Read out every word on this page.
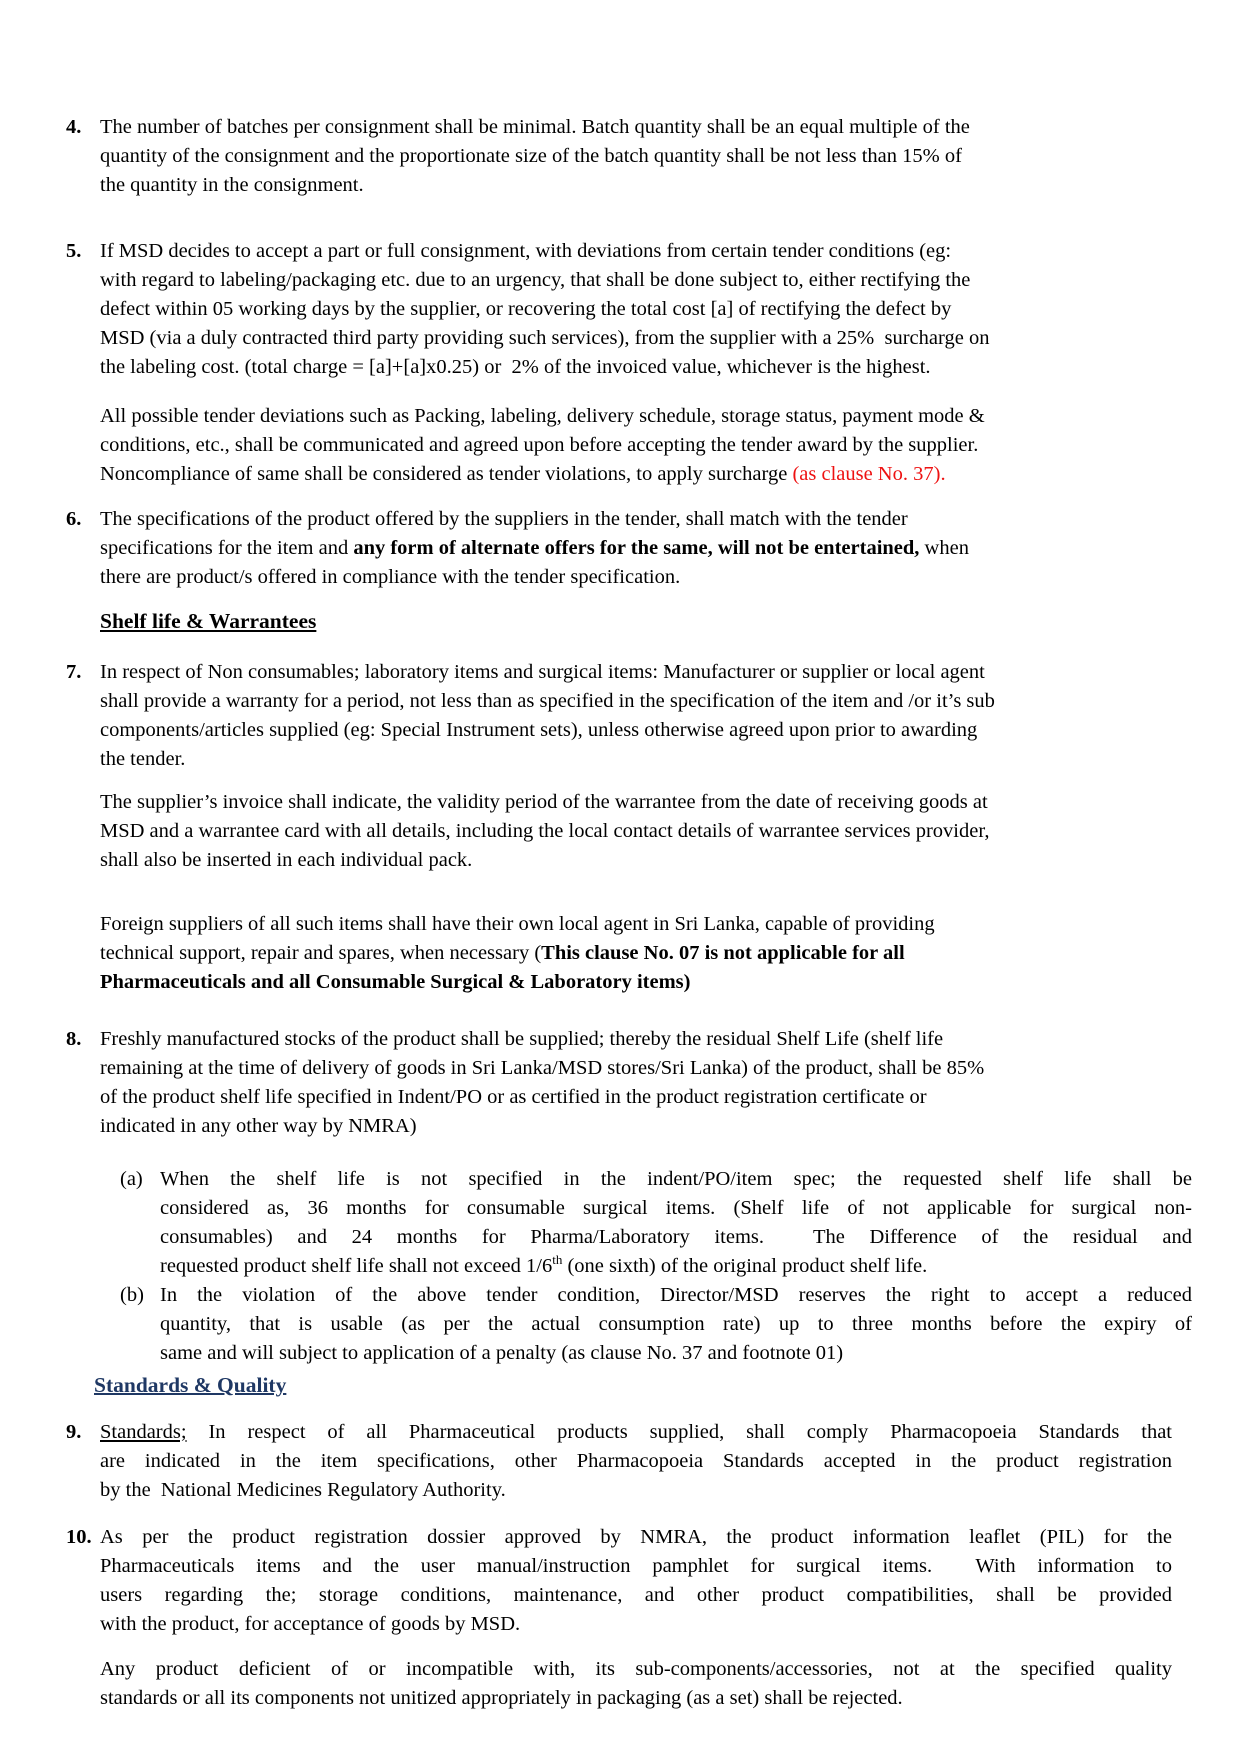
4. The number of batches per consignment shall be minimal. Batch quantity shall be an equal multiple of the
quantity of the consignment and the proportionate size of the batch quantity shall be not less than 15% of
the quantity in the consignment.
5. If MSD decides to accept a part or full consignment, with deviations from certain tender conditions (eg:
with regard to labeling/packaging etc. due to an urgency, that shall be done subject to, either rectifying the
defect within 05 working days by the supplier, or recovering the total cost [a] of rectifying the defect by
MSD (via a duly contracted third party providing such services), from the supplier with a 25%  surcharge on
the labeling cost. (total charge = [a]+[a]x0.25) or  2% of the invoiced value, whichever is the highest.
All possible tender deviations such as Packing, labeling, delivery schedule, storage status, payment mode &
conditions, etc., shall be communicated and agreed upon before accepting the tender award by the supplier.
Noncompliance of same shall be considered as tender violations, to apply surcharge (as clause No. 37).
6. The specifications of the product offered by the suppliers in the tender, shall match with the tender
specifications for the item and any form of alternate offers for the same, will not be entertained, when
there are product/s offered in compliance with the tender specification.
Shelf life & Warrantees
7. In respect of Non consumables; laboratory items and surgical items: Manufacturer or supplier or local agent
shall provide a warranty for a period, not less than as specified in the specification of the item and /or it’s sub
components/articles supplied (eg: Special Instrument sets), unless otherwise agreed upon prior to awarding
the tender.
The supplier’s invoice shall indicate, the validity period of the warrantee from the date of receiving goods at
MSD and a warrantee card with all details, including the local contact details of warrantee services provider,
shall also be inserted in each individual pack.
Foreign suppliers of all such items shall have their own local agent in Sri Lanka, capable of providing
technical support, repair and spares, when necessary (This clause No. 07 is not applicable for all
Pharmaceuticals and all Consumable Surgical & Laboratory items)
8. Freshly manufactured stocks of the product shall be supplied; thereby the residual Shelf Life (shelf life
remaining at the time of delivery of goods in Sri Lanka/MSD stores/Sri Lanka) of the product, shall be 85%
of the product shelf life specified in Indent/PO or as certified in the product registration certificate or
indicated in any other way by NMRA)
(a) When the shelf life is not specified in the indent/PO/item spec; the requested shelf life shall be
considered as, 36 months for consumable surgical items. (Shelf life of not applicable for surgical non-
consumables) and 24 months for Pharma/Laboratory items.  The Difference of the residual and
requested product shelf life shall not exceed 1/6th (one sixth) of the original product shelf life.
(b) In the violation of the above tender condition, Director/MSD reserves the right to accept a reduced
quantity, that is usable (as per the actual consumption rate) up to three months before the expiry of
same and will subject to application of a penalty (as clause No. 37 and footnote 01)
Standards & Quality
9. Standards; In respect of all Pharmaceutical products supplied, shall comply Pharmacopoeia Standards that
are indicated in the item specifications, other Pharmacopoeia Standards accepted in the product registration
by the  National Medicines Regulatory Authority.
10. As per the product registration dossier approved by NMRA, the product information leaflet (PIL) for the
Pharmaceuticals items and the user manual/instruction pamphlet for surgical items.  With information to
users regarding the; storage conditions, maintenance, and other product compatibilities, shall be provided
with the product, for acceptance of goods by MSD.
Any product deficient of or incompatible with, its sub-components/accessories, not at the specified quality
standards or all its components not unitized appropriately in packaging (as a set) shall be rejected.
